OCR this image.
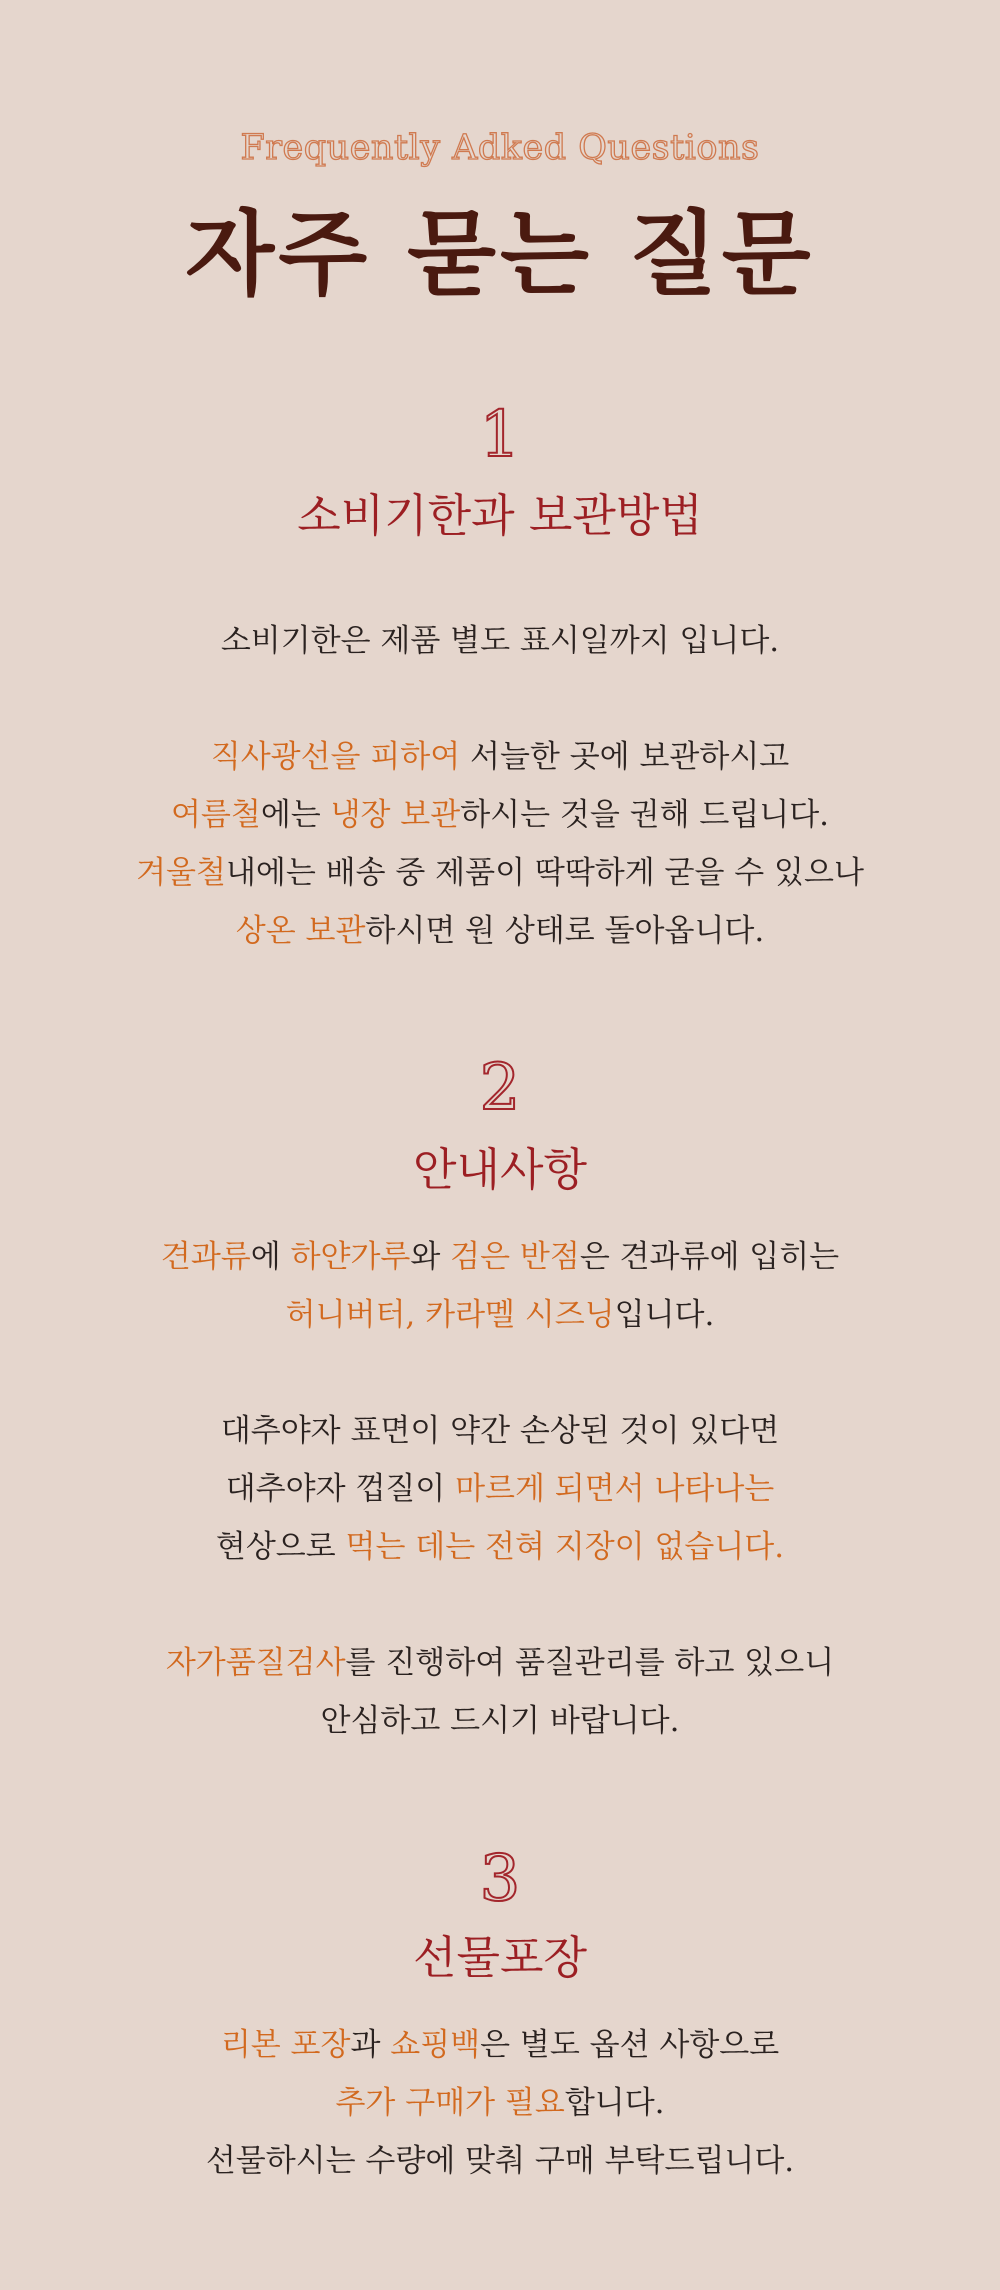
Frequently Adked Questions
자주 묻는 질문
1
소비기한과 보관방법
소비기한은 제품 별도 표시일까지 입니다.
직사광선을 피하여 서늘한 곳에 보관하시고
여름철에는 냉장 보관하시는 것을 권해 드립니다.
겨울철내에는 배송 중 제품이 딱딱하게 굳을 수 있으나
상온 보관하시면 원 상태로 돌아옵니다.
2
안내사항
견과류에 하얀가루와 검은 반점은 견과류에 입히는
허니버터, 카라멜 시즈닝입니다.
대추야자 표면이 약간 손상된 것이 있다면
대추야자 껍질이 마르게 되면서 나타나는
현상으로 먹는 데는 전혀 지장이 없습니다.
자가품질검사를 진행하여 품질관리를 하고 있으니
안심하고 드시기 바랍니다.
3
선물포장
리본 포장과 쇼핑백은 별도 옵션 사항으로
추가 구매가 필요합니다.
선물하시는 수량에 맞춰 구매 부탁드립니다.
